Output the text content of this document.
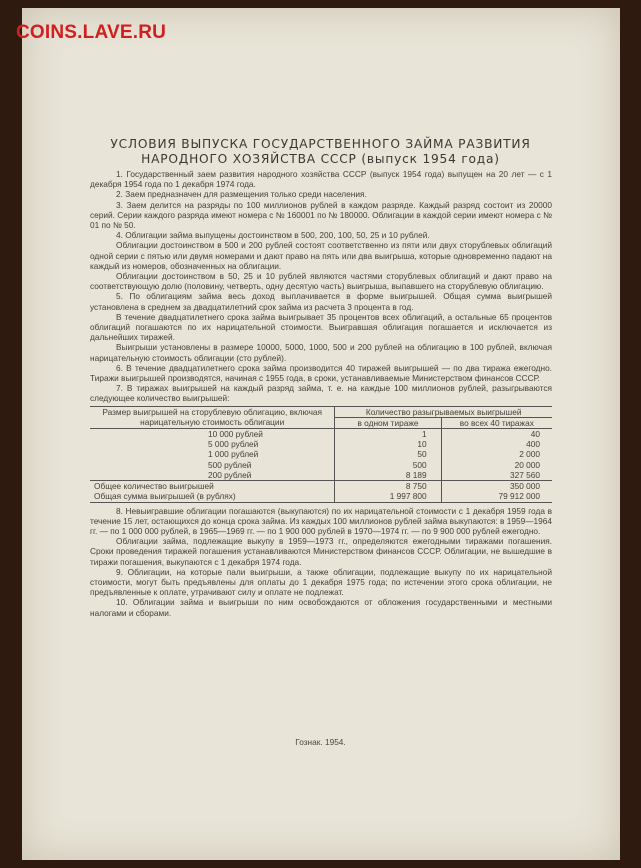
COINS.LAVE.RU
УСЛОВИЯ ВЫПУСКА ГОСУДАРСТВЕННОГО ЗАЙМА РАЗВИТИЯ
НАРОДНОГО ХОЗЯЙСТВА СССР (выпуск 1954 года)

1. Государственный заем развития народного хозяйства СССР (выпуск 1954 года) выпущен на 20 лет — с 1 декабря 1954 года по 1 декабря 1974 года.

2. Заем предназначен для размещения только среди населения.

3. Заем делится на разряды по 100 миллионов рублей в каждом разряде. Каждый разряд состоит из 20000 серий. Серии каждого разряда имеют номера с № 160001 по № 180000. Облигации в каждой серии имеют номера с № 01 по № 50.

4. Облигации займа выпущены достоинством в 500, 200, 100, 50, 25 и 10 рублей.

Облигации достоинством в 500 и 200 рублей состоят соответственно из пяти или двух сторублевых облигаций одной серии с пятью или двумя номерами и дают право на пять или два выигрыша, которые одновременно падают на каждый из номеров, обозначенных на облигации.

Облигации достоинством в 50, 25 и 10 рублей являются частями сторублевых облигаций и дают право на соответствующую долю (половину, четверть, одну десятую часть) выигрыша, выпавшего на сторублевую облигацию.

5. По облигациям займа весь доход выплачивается в форме выигрышей. Общая сумма выигрышей установлена в среднем за двадцатилетний срок займа из расчета 3 процента в год.

В течение двадцатилетнего срока займа выигрывает 35 процентов всех облигаций, а остальные 65 процентов облигаций погашаются по их нарицательной стоимости. Выигравшая облигация погашается и исключается из дальнейших тиражей.

Выигрыши установлены в размере 10000, 5000, 1000, 500 и 200 рублей на облигацию в 100 рублей, включая нарицательную стоимость облигации (сто рублей).

6. В течение двадцатилетнего срока займа производится 40 тиражей выигрышей — по два тиража ежегодно. Тиражи выигрышей производятся, начиная с 1955 года, в сроки, устанавливаемые Министерством финансов СССР.

7. В тиражах выигрышей на каждый разряд займа, т. е. на каждые 100 миллионов рублей, разыгрываются следующее количество выигрышей:

Размер выигрышей на сторублевую облигацию, включая нарицательную стоимость облигации	Количество разыгрываемых выигрышей	
	в одном тираже	во всех 40 тиражах
10 000 рублей	1	40
5 000 рублей	10	400
1 000 рублей	50	2 000
500 рублей	500	20 000
200 рублей	8 189	327 560
Общее количество выигрышей	8 750	350 000
Общая сумма выигрышей (в рублях)	1 997 800	79 912 000

8. Невыигравшие облигации погашаются (выкупаются) по их нарицательной стоимости с 1 декабря 1959 года в течение 15 лет, остающихся до конца срока займа. Из каждых 100 миллионов рублей займа выкупаются: в 1959—1964 гг. — по 1 000 000 рублей, в 1965—1969 гг. — по 1 900 000 рублей в 1970—1974 гг. — по 9 900 000 рублей ежегодно.

Облигации займа, подлежащие выкупу в 1959—1973 гг., определяются ежегодными тиражами погашения. Сроки проведения тиражей погашения устанавливаются Министерством финансов СССР. Облигации, не вышедшие в тиражи погашения, выкупаются с 1 декабря 1974 года.

9. Облигации, на которые пали выигрыши, а также облигации, подлежащие выкупу по их нарицательной стоимости, могут быть предъявлены для оплаты до 1 декабря 1975 года; по истечении этого срока облигации, не предъявленные к оплате, утрачивают силу и оплате не подлежат.

10. Облигации займа и выигрыши по ним освобождаются от обложения государственными и местными налогами и сборами.

Гознак. 1954.
